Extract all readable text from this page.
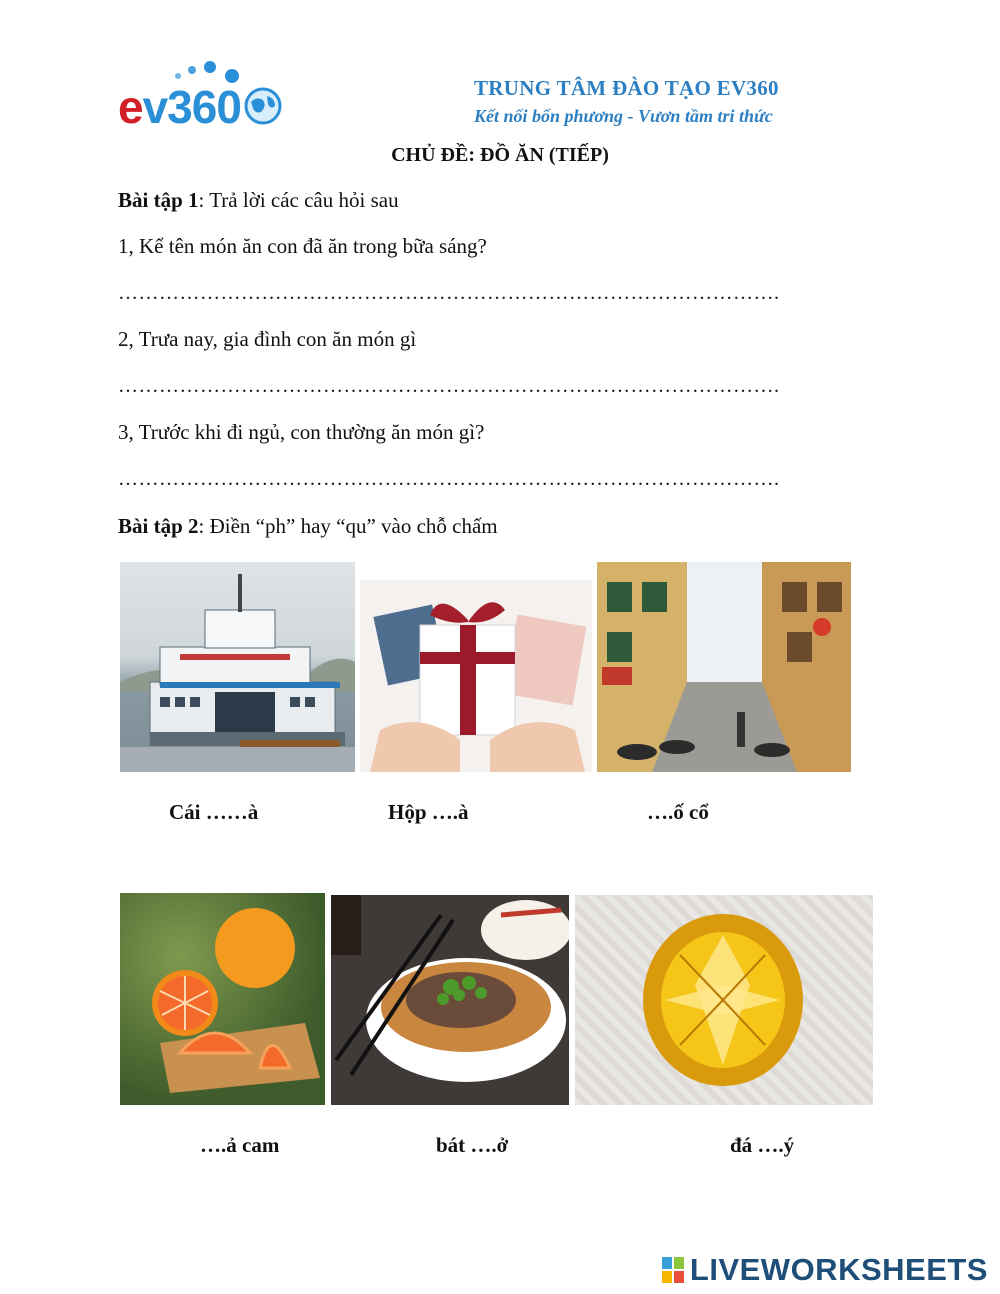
ev360	TRUNG TÂM ĐÀO TẠO EV360
Kết nối bốn phương - Vươn tầm tri thức
CHỦ ĐỀ: ĐỒ ĂN (TIẾP)
Bài tập 1: Trả lời các câu hỏi sau
1, Kể tên món ăn con đã ăn trong bữa sáng?
…………………………………………………………………………………….
2, Trưa nay, gia đình con ăn món gì
…………………………………………………………………………………….
3, Trước khi đi ngủ, con thường ăn món gì?
…………………………………………………………………………………….
Bài tập 2: Điền “ph” hay “qu” vào chỗ chấm
Cái ……à	Hộp ….à	….ố cổ
….ả cam	bát ….ở	đá ….ý
LIVEWORKSHEETS
